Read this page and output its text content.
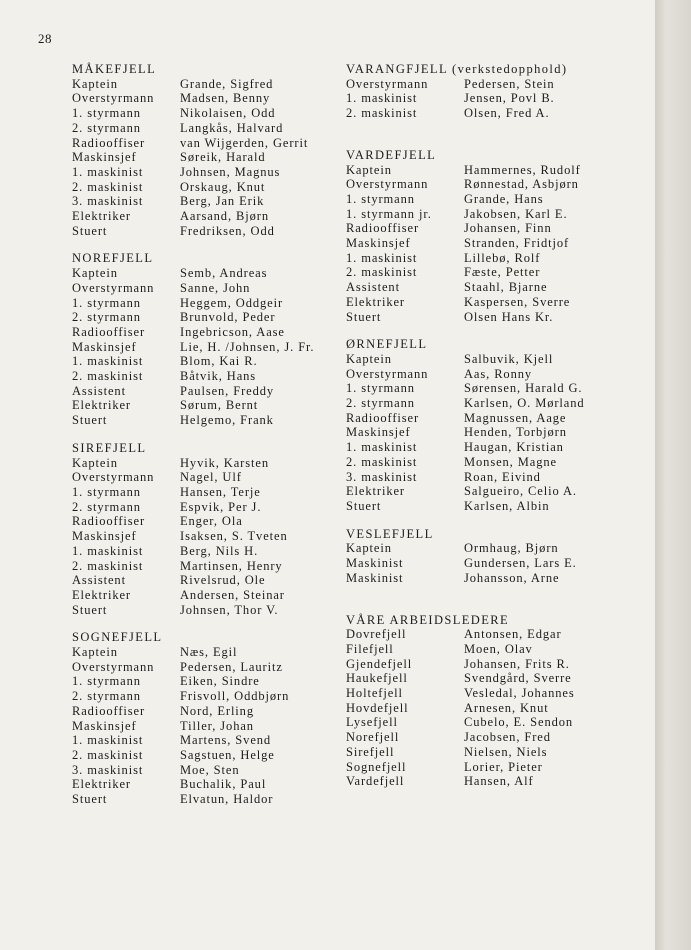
28
MÅKEFJELL
Kaptein	Grande, Sigfred
Overstyrmann	Madsen, Benny
1. styrmann	Nikolaisen, Odd
2. styrmann	Langkås, Halvard
Radiooffiser	van Wijgerden, Gerrit
Maskinsjef	Søreik, Harald
1. maskinist	Johnsen, Magnus
2. maskinist	Orskaug, Knut
3. maskinist	Berg, Jan Erik
Elektriker	Aarsand, Bjørn
Stuert	Fredriksen, Odd
NOREFJELL
Kaptein	Semb, Andreas
Overstyrmann	Sanne, John
1. styrmann	Heggem, Oddgeir
2. styrmann	Brunvold, Peder
Radiooffiser	Ingebricson, Aase
Maskinsjef	Lie, H. /Johnsen, J. Fr.
1. maskinist	Blom, Kai R.
2. maskinist	Båtvik, Hans
Assistent	Paulsen, Freddy
Elektriker	Sørum, Bernt
Stuert	Helgemo, Frank
SIREFJELL
Kaptein	Hyvik, Karsten
Overstyrmann	Nagel, Ulf
1. styrmann	Hansen, Terje
2. styrmann	Espvik, Per J.
Radiooffiser	Enger, Ola
Maskinsjef	Isaksen, S. Tveten
1. maskinist	Berg, Nils H.
2. maskinist	Martinsen, Henry
Assistent	Rivelsrud, Ole
Elektriker	Andersen, Steinar
Stuert	Johnsen, Thor V.
SOGNEFJELL
Kaptein	Næs, Egil
Overstyrmann	Pedersen, Lauritz
1. styrmann	Eiken, Sindre
2. styrmann	Frisvoll, Oddbjørn
Radiooffiser	Nord, Erling
Maskinsjef	Tiller, Johan
1. maskinist	Martens, Svend
2. maskinist	Sagstuen, Helge
3. maskinist	Moe, Sten
Elektriker	Buchalik, Paul
Stuert	Elvatun, Haldor
VARANGFJELL (verkstedopphold)
Overstyrmann	Pedersen, Stein
1. maskinist	Jensen, Povl B.
2. maskinist	Olsen, Fred A.
VARDEFJELL
Kaptein	Hammernes, Rudolf
Overstyrmann	Rønnestad, Asbjørn
1. styrmann	Grande, Hans
1. styrmann jr.	Jakobsen, Karl E.
Radiooffiser	Johansen, Finn
Maskinsjef	Stranden, Fridtjof
1. maskinist	Lillebø, Rolf
2. maskinist	Fæste, Petter
Assistent	Staahl, Bjarne
Elektriker	Kaspersen, Sverre
Stuert	Olsen Hans Kr.
ØRNEFJELL
Kaptein	Salbuvik, Kjell
Overstyrmann	Aas, Ronny
1. styrmann	Sørensen, Harald G.
2. styrmann	Karlsen, O. Mørland
Radiooffiser	Magnussen, Aage
Maskinsjef	Henden, Torbjørn
1. maskinist	Haugan, Kristian
2. maskinist	Monsen, Magne
3. maskinist	Roan, Eivind
Elektriker	Salgueiro, Celio A.
Stuert	Karlsen, Albin
VESLEFJELL
Kaptein	Ormhaug, Bjørn
Maskinist	Gundersen, Lars E.
Maskinist	Johansson, Arne
VÅRE ARBEIDSLEDERE
Dovrefjell	Antonsen, Edgar
Filefjell	Moen, Olav
Gjendefjell	Johansen, Frits R.
Haukefjell	Svendgård, Sverre
Holtefjell	Vesledal, Johannes
Hovdefjell	Arnesen, Knut
Lysefjell	Cubelo, E. Sendon
Norefjell	Jacobsen, Fred
Sirefjell	Nielsen, Niels
Sognefjell	Lorier, Pieter
Vardefjell	Hansen, Alf
